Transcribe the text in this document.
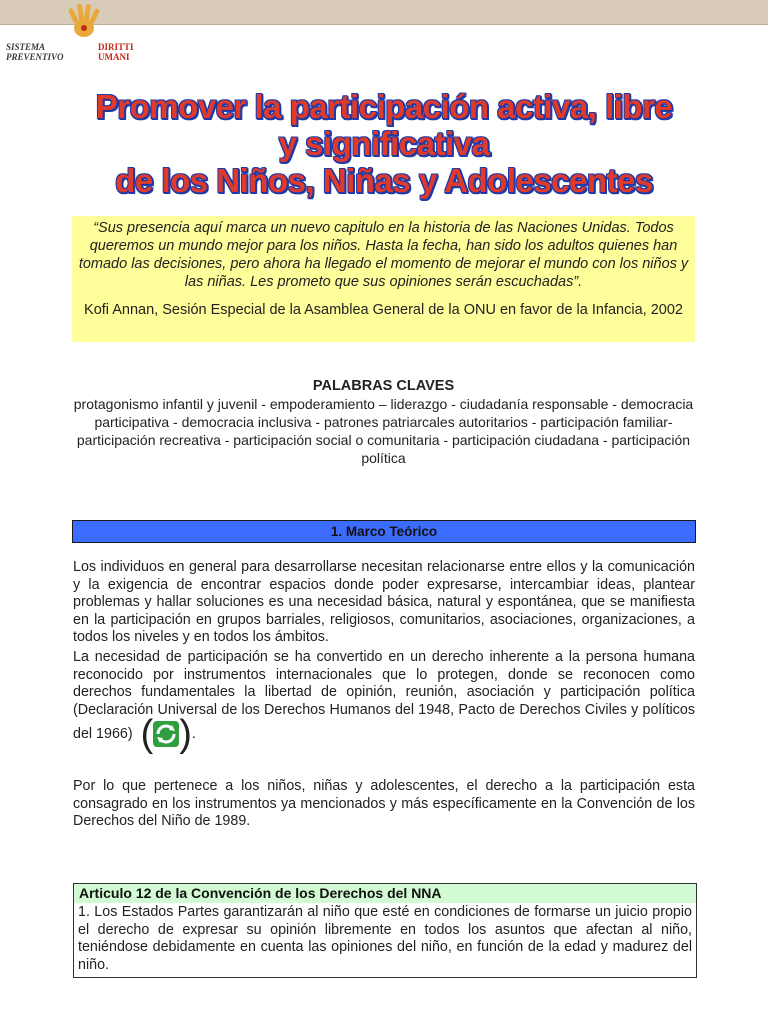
SISTEMA
PREVENTIVO
DIRITTI
UMANI
Promover la participación activa, libre
y significativa
de los Niños, Niñas y Adolescentes
“Sus presencia aquí marca un nuevo capitulo en la historia de las Naciones Unidas. Todos queremos un mundo mejor para los niños. Hasta la fecha, han sido los adultos quienes han tomado las decisiones, pero ahora ha llegado el momento de mejorar el mundo con los niños y las niñas. Les prometo que sus opiniones serán escuchadas”.
Kofi Annan, Sesión Especial de la Asamblea General de la ONU en favor de la Infancia, 2002
PALABRAS CLAVES
protagonismo infantil y juvenil - empoderamiento – liderazgo - ciudadanía responsable - democracia participativa - democracia inclusiva - patrones patriarcales autoritarios - participación familiar- participación recreativa - participación social o comunitaria - participación ciudadana - participación política
1. Marco Teórico
Los individuos en general para desarrollarse necesitan relacionarse entre ellos y la comunicación y la exigencia de encontrar espacios donde poder expresarse, intercambiar ideas, plantear problemas y hallar soluciones es una necesidad básica, natural y espontánea, que se manifiesta en la participación en grupos barriales, religiosos, comunitarios, asociaciones, organizaciones, a todos los niveles y en todos los ámbitos.
La necesidad de participación se ha convertido en un derecho inherente a la persona humana reconocido por instrumentos internacionales que lo protegen, donde se reconocen como derechos fundamentales la libertad de opinión, reunión, asociación y participación política (Declaración Universal de los Derechos Humanos del 1948, Pacto de Derechos Civiles y políticos del 1966) ( ) .
Por lo que pertenece a los niños, niñas y adolescentes, el derecho a la participación esta consagrado en los instrumentos ya mencionados y más específicamente en la Convención de los Derechos del Niño de 1989.
Articulo 12 de la Convención de los Derechos del NNA
1. Los Estados Partes garantizarán al niño que esté en condiciones de formarse un juicio propio el derecho de expresar su opinión libremente en todos los asuntos que afectan al niño, teniéndose debidamente en cuenta las opiniones del niño, en función de la edad y madurez del niño.
